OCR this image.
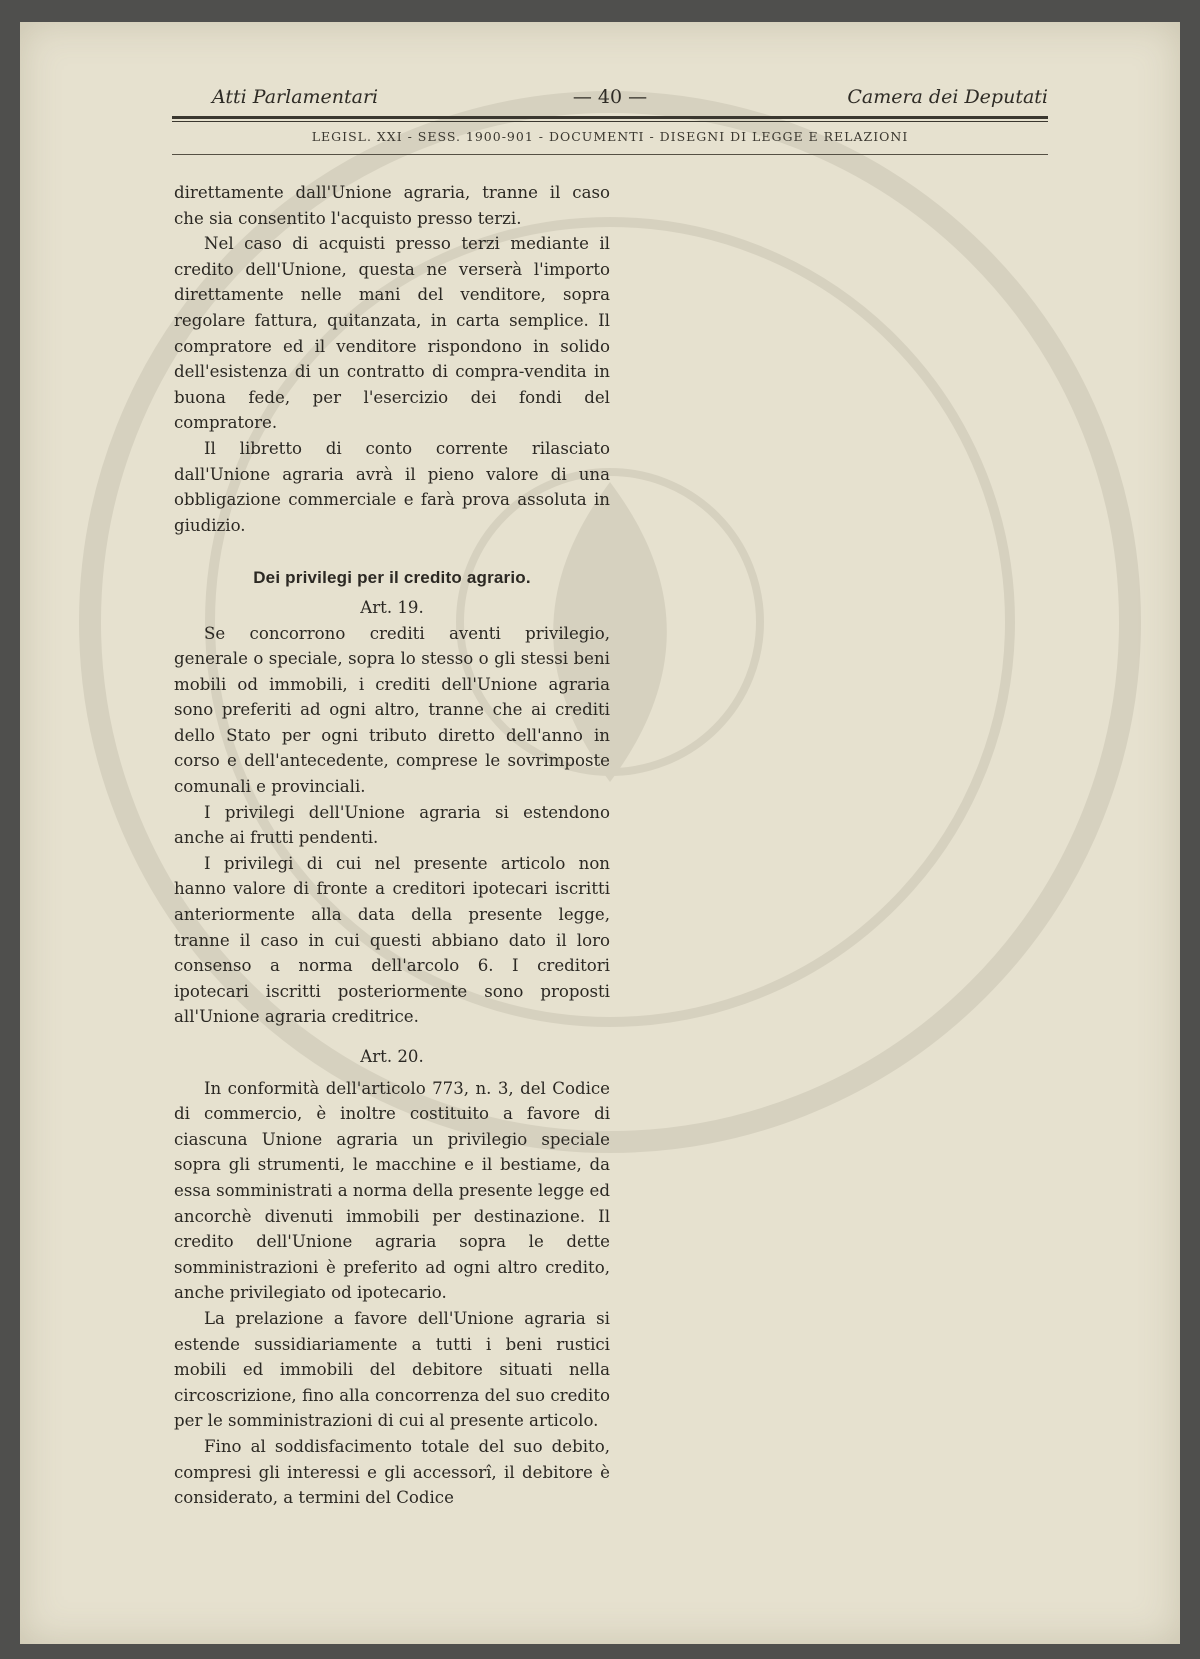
Atti Parlamentari	— 40 —	Camera dei Deputati
LEGISL. XXI - SESS. 1900-901 - DOCUMENTI - DISEGNI DI LEGGE E RELAZIONI

direttamente dall'Unione agraria, tranne il caso che sia consentito l'acquisto presso terzi.

Nel caso di acquisti presso terzi mediante il credito dell'Unione, questa ne verserà l'importo direttamente nelle mani del venditore, sopra regolare fattura, quitanzata, in carta semplice. Il compratore ed il venditore rispondono in solido dell'esistenza di un contratto di compra-vendita in buona fede, per l'esercizio dei fondi del compratore.

Il libretto di conto corrente rilasciato dall'Unione agraria avrà il pieno valore di una obbligazione commerciale e farà prova assoluta in giudizio.

Dei privilegi per il credito agrario.
Art. 19.

Se concorrono crediti aventi privilegio, generale o speciale, sopra lo stesso o gli stessi beni mobili od immobili, i crediti dell'Unione agraria sono preferiti ad ogni altro, tranne che ai crediti dello Stato per ogni tributo diretto dell'anno in corso e dell'antecedente, comprese le sovrimposte comunali e provinciali.

I privilegi dell'Unione agraria si estendono anche ai frutti pendenti.

I privilegi di cui nel presente articolo non hanno valore di fronte a creditori ipotecari iscritti anteriormente alla data della presente legge, tranne il caso in cui questi abbiano dato il loro consenso a norma dell'arcolo 6. I creditori ipotecari iscritti posteriormente sono proposti all'Unione agraria creditrice.

Art. 20.

In conformità dell'articolo 773, n. 3, del Codice di commercio, è inoltre costituito a favore di ciascuna Unione agraria un privilegio speciale sopra gli strumenti, le macchine e il bestiame, da essa somministrati a norma della presente legge ed ancorchè divenuti immobili per destinazione. Il credito dell'Unione agraria sopra le dette somministrazioni è preferito ad ogni altro credito, anche privilegiato od ipotecario.

La prelazione a favore dell'Unione agraria si estende sussidiariamente a tutti i beni rustici mobili ed immobili del debitore situati nella circoscrizione, fino alla concorrenza del suo credito per le somministrazioni di cui al presente articolo.

Fino al soddisfacimento totale del suo debito, compresi gli interessi e gli accessorî, il debitore è considerato, a termini del Codice
